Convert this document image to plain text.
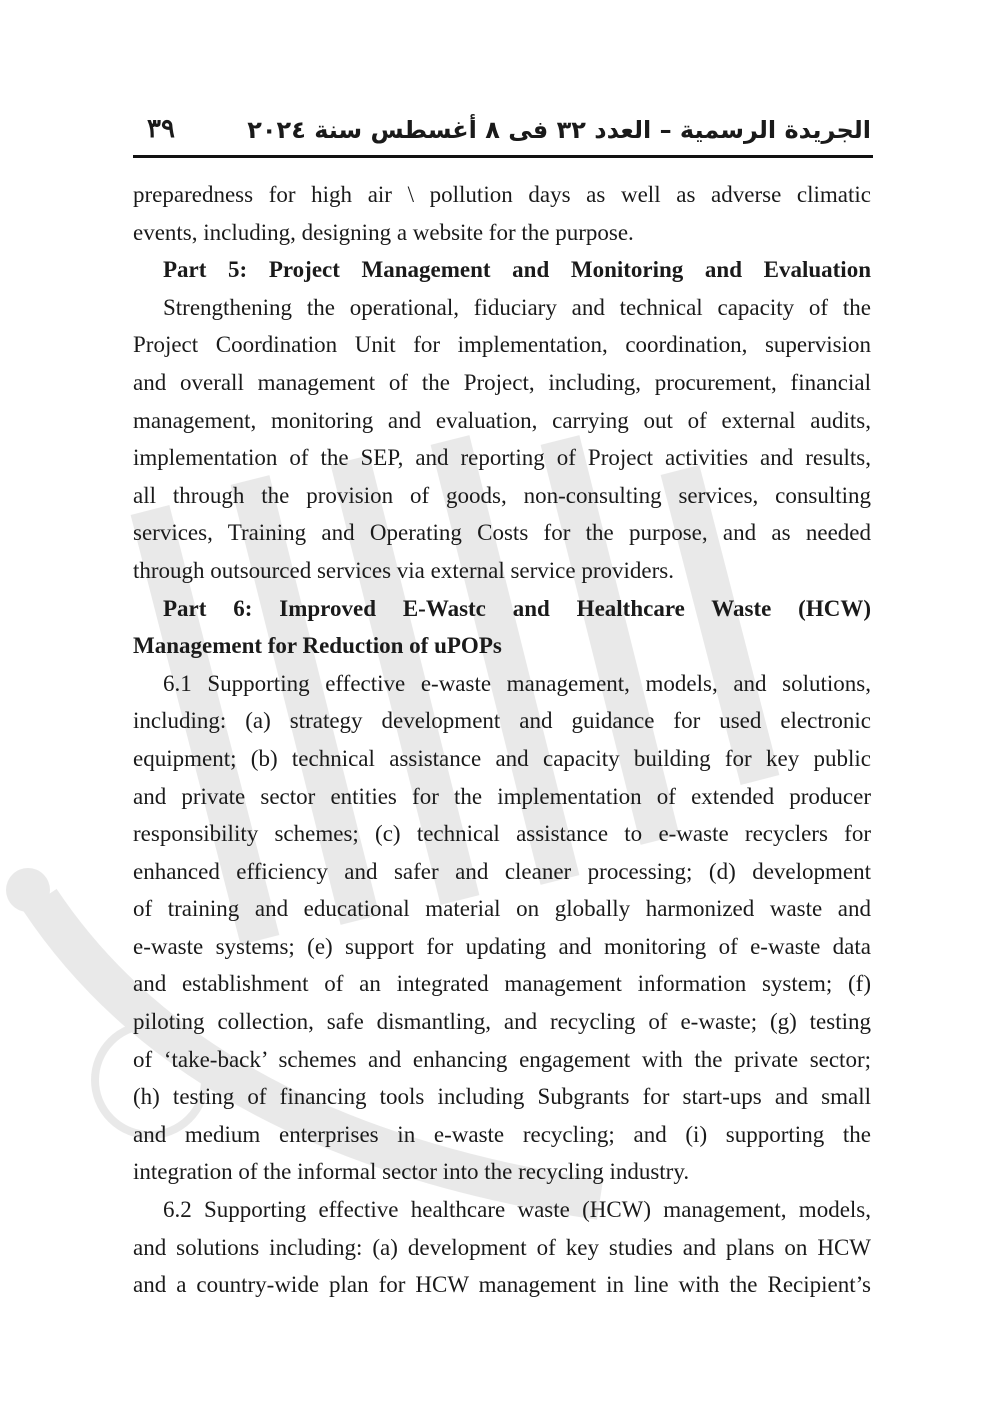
٣٩	الجريدة الرسمية – العدد ٣٢ فى ٨ أغسطس سنة ٢٠٢٤
preparedness for high air \ pollution days as well as adverse climatic
events, including, designing a website for the purpose.
Part 5: Project Management and Monitoring and Evaluation
Strengthening the operational, fiduciary and technical capacity of the
Project Coordination Unit for implementation, coordination, supervision
and overall management of the Project, including, procurement, financial
management, monitoring and evaluation, carrying out of external audits,
implementation of the SEP, and reporting of Project activities and results,
all through the provision of goods, non-consulting services, consulting
services, Training and Operating Costs for the purpose, and as needed
through outsourced services via external service providers.
Part 6: Improved E-Wastc and Healthcare Waste (HCW)
Management for Reduction of uPOPs
6.1 Supporting effective e-waste management, models, and solutions,
including: (a) strategy development and guidance for used electronic
equipment; (b) technical assistance and capacity building for key public
and private sector entities for the implementation of extended producer
responsibility schemes; (c) technical assistance to e-waste recyclers for
enhanced efficiency and safer and cleaner processing; (d) development
of training and educational material on globally harmonized waste and
e-waste systems; (e) support for updating and monitoring of e-waste data
and establishment of an integrated management information system; (f)
piloting collection, safe dismantling, and recycling of e-waste; (g) testing
of ‘take-back’ schemes and enhancing engagement with the private sector;
(h) testing of financing tools including Subgrants for start-ups and small
and medium enterprises in e-waste recycling; and (i) supporting the
integration of the informal sector into the recycling industry.
6.2 Supporting effective healthcare waste (HCW) management, models,
and solutions including: (a) development of key studies and plans on HCW
and a country-wide plan for HCW management in line with the Recipient’s
